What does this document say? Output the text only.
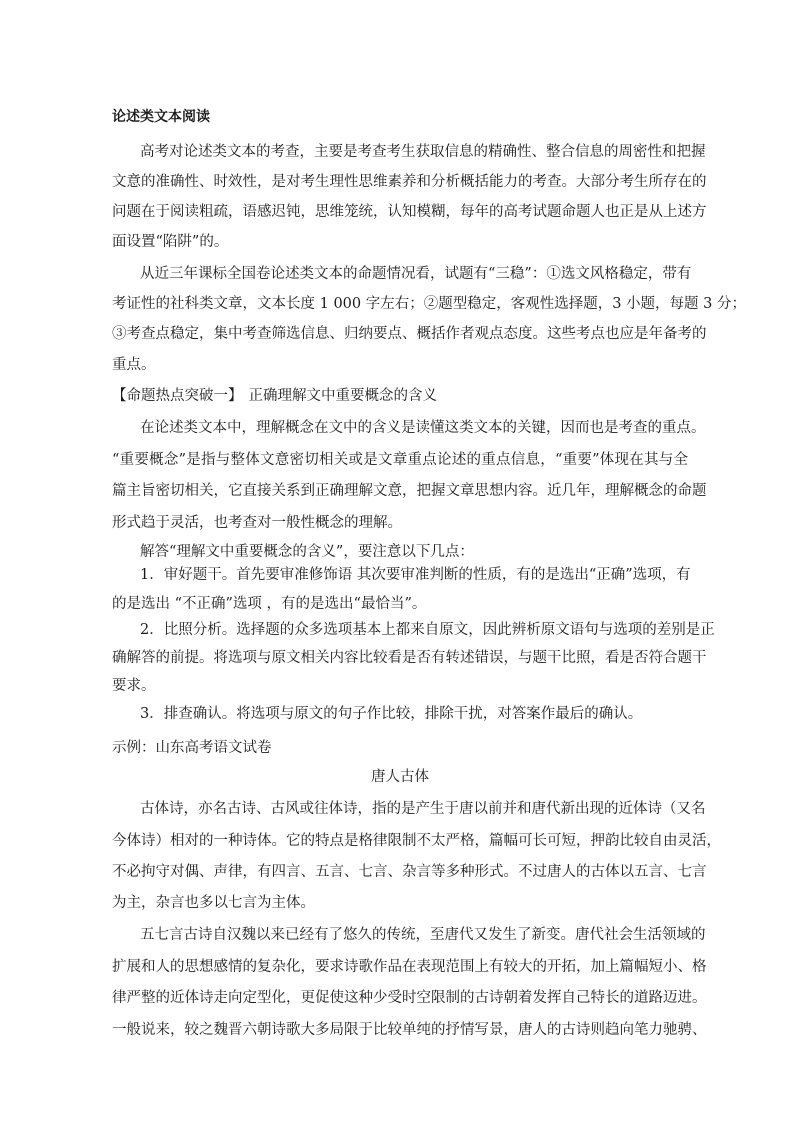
论述类文本阅读
高考对论述类文本的考查，主要是考查考生获取信息的精确性、整合信息的周密性和把握
文意的准确性、时效性，是对考生理性思维素养和分析概括能力的考查。大部分考生所存在的
问题在于阅读粗疏，语感迟钝，思维笼统，认知模糊，每年的高考试题命题人也正是从上述方
面设置“陷阱”的。
从近三年课标全国卷论述类文本的命题情况看，试题有“三稳”：①选文风格稳定，带有
考证性的社科类文章，文本长度 1 000 字左右；②题型稳定，客观性选择题，3 小题，每题 3 分；
③考查点稳定，集中考查筛选信息、归纳要点、概括作者观点态度。这些考点也应是年备考的
重点。
【命题热点突破一】 正确理解文中重要概念的含义
在论述类文本中，理解概念在文中的含义是读懂这类文本的关键，因而也是考查的重点。
“重要概念”是指与整体文意密切相关或是文章重点论述的重点信息，“重要”体现在其与全
篇主旨密切相关，它直接关系到正确理解文意，把握文章思想内容。近几年，理解概念的命题
形式趋于灵活，也考查对一般性概念的理解。
解答“理解文中重要概念的含义”，要注意以下几点：
1．审好题干。首先要审准修饰语 其次要审准判断的性质，有的是选出“正确”选项，有
的是选出 “不正确”选项 ，有的是选出“最恰当”。
2．比照分析。选择题的众多选项基本上都来自原文，因此辨析原文语句与选项的差别是正
确解答的前提。将选项与原文相关内容比较看是否有转述错误，与题干比照，看是否符合题干
要求。
3．排查确认。将选项与原文的句子作比较，排除干扰，对答案作最后的确认。
示例：山东高考语文试卷
唐人古体
古体诗，亦名古诗、古风或往体诗，指的是产生于唐以前并和唐代新出现的近体诗（又名
今体诗）相对的一种诗体。它的特点是格律限制不太严格，篇幅可长可短，押韵比较自由灵活，
不必拘守对偶、声律，有四言、五言、七言、杂言等多种形式。不过唐人的古体以五言、七言
为主，杂言也多以七言为主体。
五七言古诗自汉魏以来已经有了悠久的传统，至唐代又发生了新变。唐代社会生活领域的
扩展和人的思想感情的复杂化，要求诗歌作品在表现范围上有较大的开拓，加上篇幅短小、格
律严整的近体诗走向定型化，更促使这种少受时空限制的古诗朝着发挥自己特长的道路迈进。
一般说来，较之魏晋六朝诗歌大多局限于比较单纯的抒情写景，唐人的古诗则趋向笔力驰骋、
